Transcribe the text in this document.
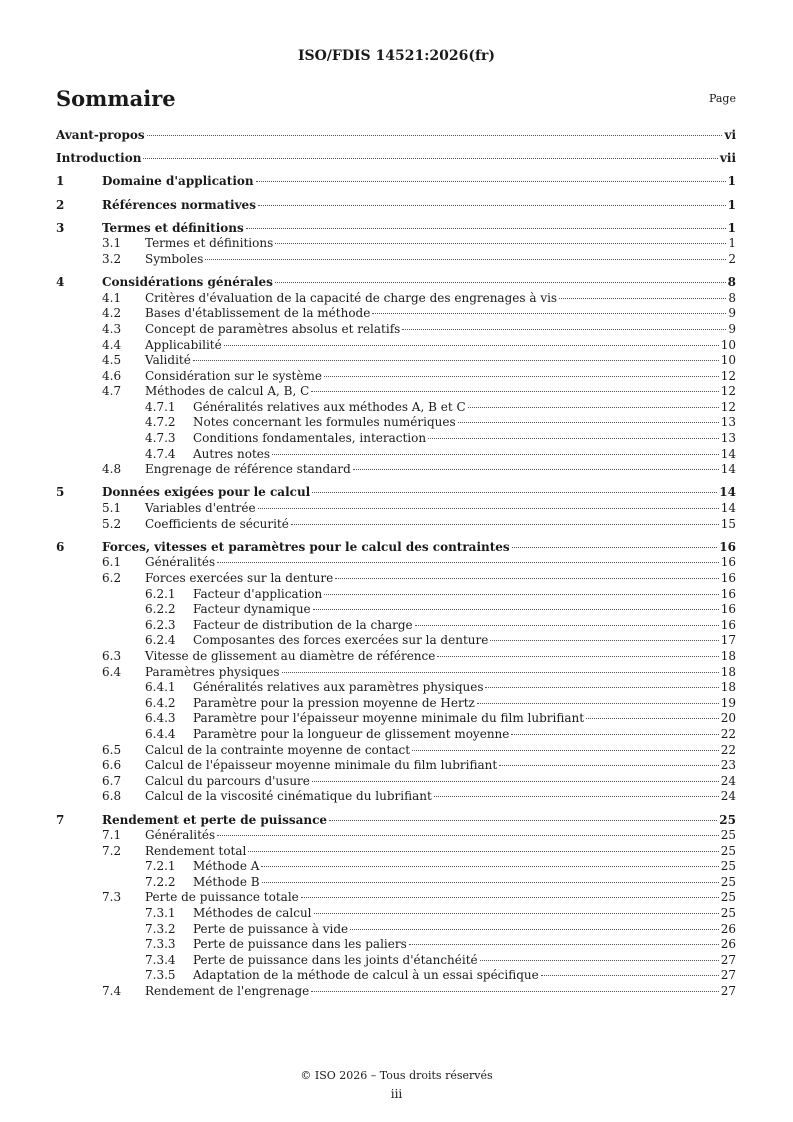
ISO/FDIS 14521:2026(fr)
Sommaire	Page
Avant-propos	vi
Introduction	vii
1	Domaine d'application	1
2	Références normatives	1
3	Termes et définitions	1
3.1	Termes et définitions	1
3.2	Symboles	2
4	Considérations générales	8
4.1	Critères d'évaluation de la capacité de charge des engrenages à vis	8
4.2	Bases d'établissement de la méthode	9
4.3	Concept de paramètres absolus et relatifs	9
4.4	Applicabilité	10
4.5	Validité	10
4.6	Considération sur le système	12
4.7	Méthodes de calcul A, B, C	12
4.7.1	Généralités relatives aux méthodes A, B et C	12
4.7.2	Notes concernant les formules numériques	13
4.7.3	Conditions fondamentales, interaction	13
4.7.4	Autres notes	14
4.8	Engrenage de référence standard	14
5	Données exigées pour le calcul	14
5.1	Variables d'entrée	14
5.2	Coefficients de sécurité	15
6	Forces, vitesses et paramètres pour le calcul des contraintes	16
6.1	Généralités	16
6.2	Forces exercées sur la denture	16
6.2.1	Facteur d'application	16
6.2.2	Facteur dynamique	16
6.2.3	Facteur de distribution de la charge	16
6.2.4	Composantes des forces exercées sur la denture	17
6.3	Vitesse de glissement au diamètre de référence	18
6.4	Paramètres physiques	18
6.4.1	Généralités relatives aux paramètres physiques	18
6.4.2	Paramètre pour la pression moyenne de Hertz	19
6.4.3	Paramètre pour l'épaisseur moyenne minimale du film lubrifiant	20
6.4.4	Paramètre pour la longueur de glissement moyenne	22
6.5	Calcul de la contrainte moyenne de contact	22
6.6	Calcul de l'épaisseur moyenne minimale du film lubrifiant	23
6.7	Calcul du parcours d'usure	24
6.8	Calcul de la viscosité cinématique du lubrifiant	24
7	Rendement et perte de puissance	25
7.1	Généralités	25
7.2	Rendement total	25
7.2.1	Méthode A	25
7.2.2	Méthode B	25
7.3	Perte de puissance totale	25
7.3.1	Méthodes de calcul	25
7.3.2	Perte de puissance à vide	26
7.3.3	Perte de puissance dans les paliers	26
7.3.4	Perte de puissance dans les joints d'étanchéité	27
7.3.5	Adaptation de la méthode de calcul à un essai spécifique	27
7.4	Rendement de l'engrenage	27
© ISO 2026 – Tous droits réservés
iii
